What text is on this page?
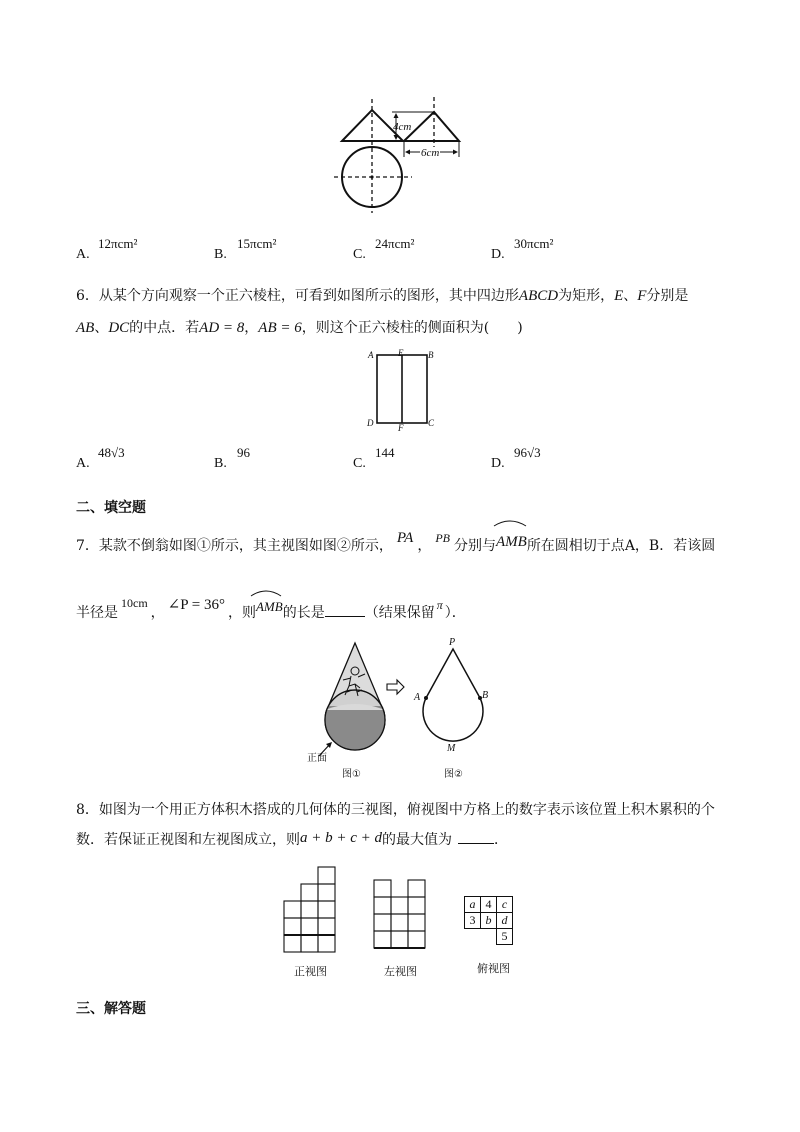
4cm
6cm
A.
12πcm²
B.
15πcm²
C.
24πcm²
D.
30πcm²
6．从某个方向观察一个正六棱柱，可看到如图所示的图形，其中四边形ABCD为矩形，E、F分别是
AB、DC的中点．若AD = 8，AB = 6，则这个正六棱柱的侧面积为(　　)
A	E	B
D	F	C
A.
48√3
B.
96
C.
144
D.
96√3
二、填空题
7．某款不倒翁如图①所示，其主视图如图②所示， PA ， PB 分别与AMB所在圆相切于点A，B．若该圆
半径是10cm， ∠P = 36° ，则AMB的长是	（结果保留 π ）．
正面
P
A	B
M
图①	图②
8．如图为一个用正方体积木搭成的几何体的三视图，俯视图中方格上的数字表示该位置上积木累积的个
数．若保证正视图和左视图成立，则a + b + c + d的最大值为	．
正视图	左视图
a	4	c
3	b	d
		5
俯视图
三、解答题
